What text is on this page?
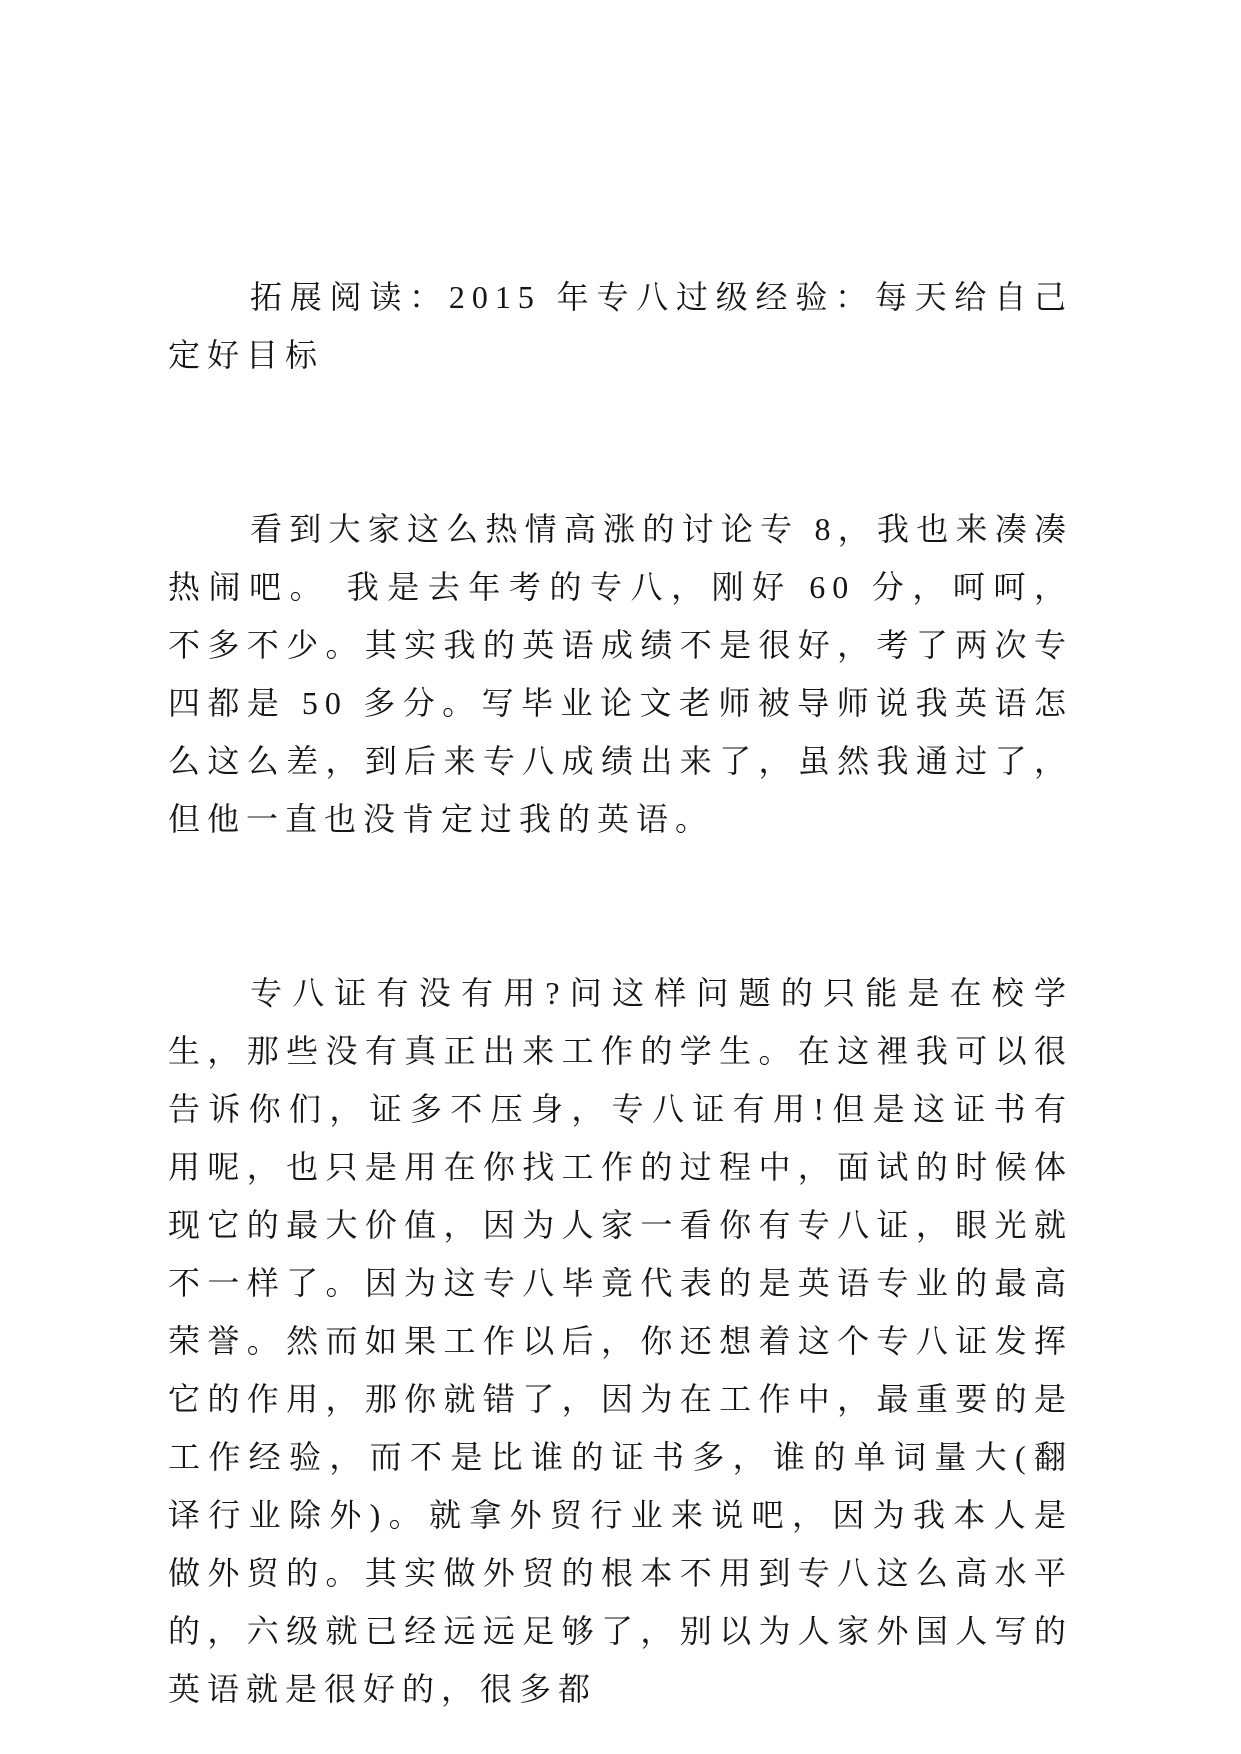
拓展阅读：2015 年专八过级经验：每天给自己定好目标

看到大家这么热情高涨的讨论专 8，我也来凑凑热闹吧。 我是去年考的专八，刚好 60 分，呵呵，不多不少。其实我的英语成绩不是很好，考了两次专四都是 50 多分。写毕业论文老师被导师说我英语怎么这么差，到后来专八成绩出来了，虽然我通过了，但他一直也没肯定过我的英语。

专八证有没有用?问这样问题的只能是在校学生，那些没有真正出来工作的学生。在这裡我可以很告诉你们，证多不压身，专八证有用!但是这证书有用呢，也只是用在你找工作的过程中，面试的时候体现它的最大价值，因为人家一看你有专八证，眼光就不一样了。因为这专八毕竟代表的是英语专业的最高荣誉。然而如果工作以后，你还想着这个专八证发挥它的作用，那你就错了，因为在工作中，最重要的是工作经验，而不是比谁的证书多，谁的单词量大(翻译行业除外)。就拿外贸行业来说吧，因为我本人是做外贸的。其实做外贸的根本不用到专八这么高水平的，六级就已经远远足够了，别以为人家外国人写的英语就是很好的，很多都
